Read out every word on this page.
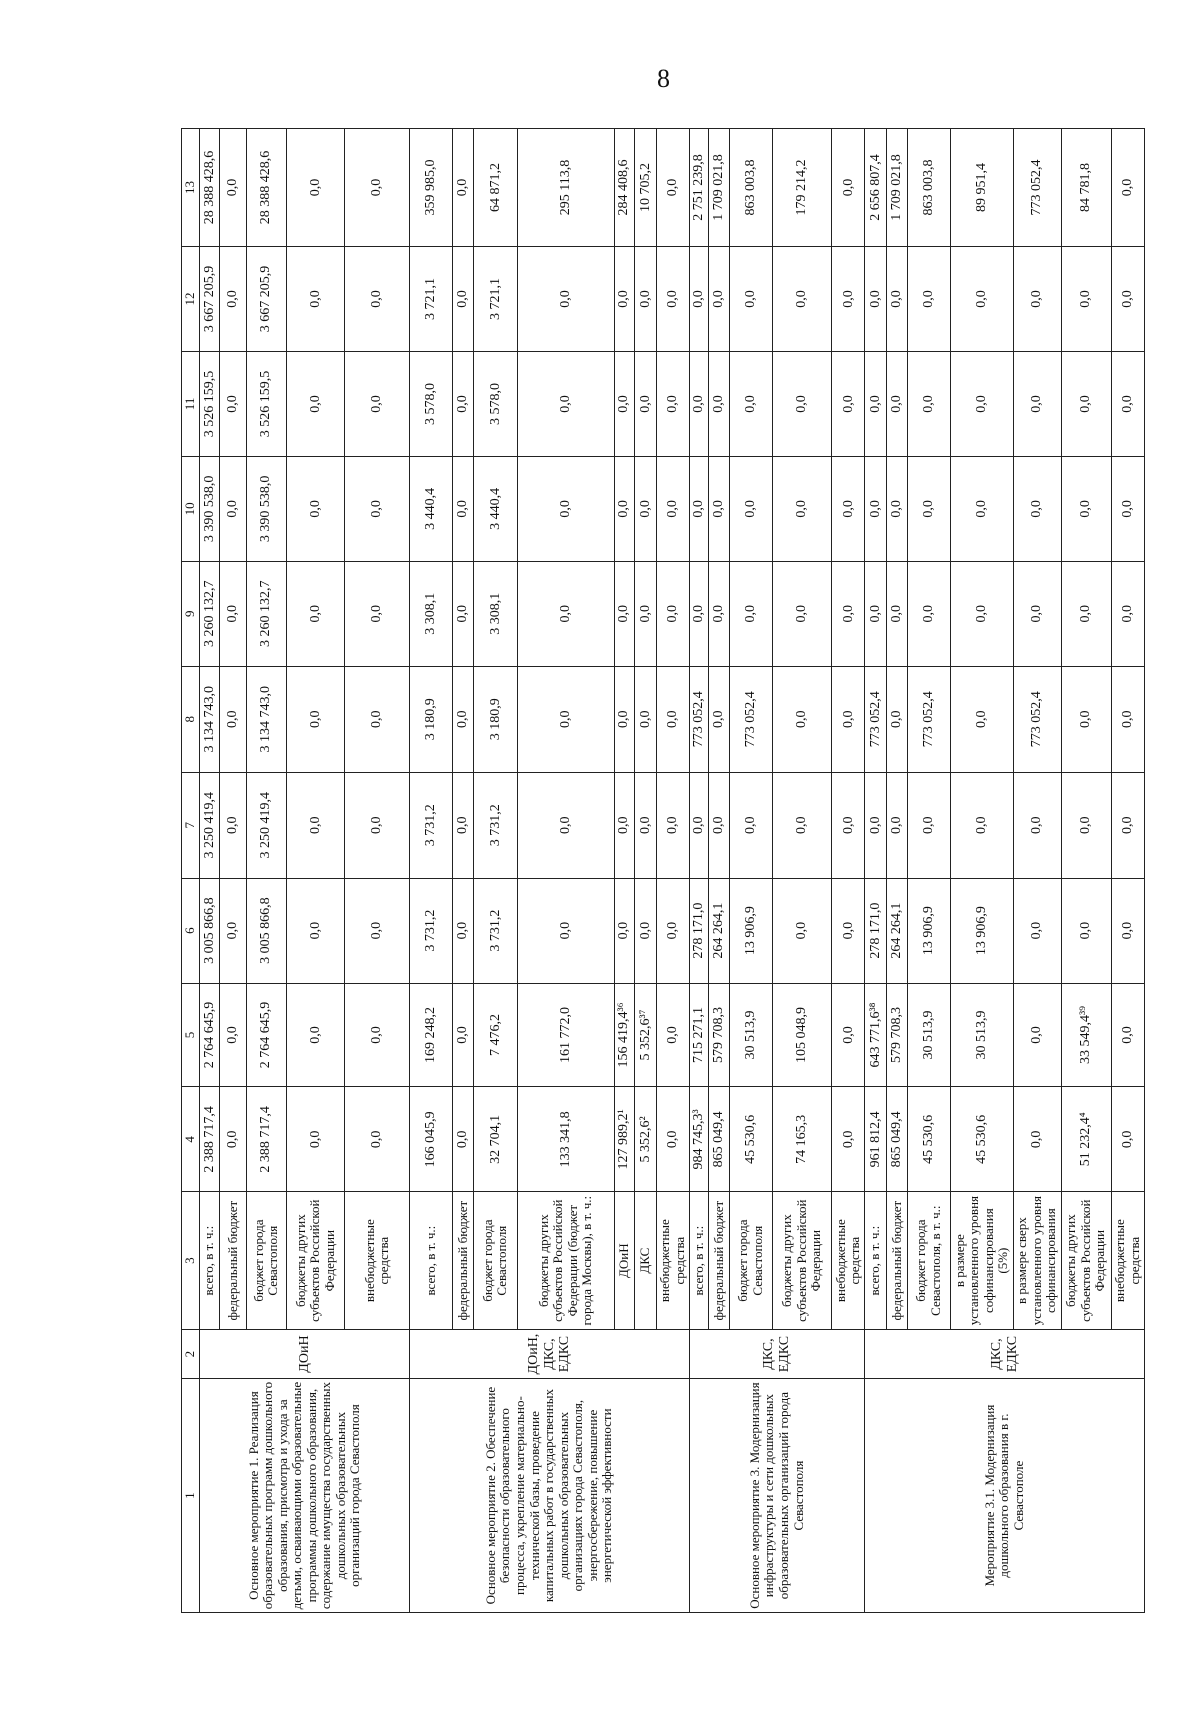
8
1	2	3	4	5	6	7	8	9	10	11	12	13
Основное мероприятие 1. Реализация образовательных программ дошкольного образования, присмотра и ухода за детьми, осваивающими образовательные программы дошкольного образования, содержание имущества государственных дошкольных образовательных организаций города Севастополя	ДОиН	всего, в т. ч.:	2 388 717,4	2 764 645,9	3 005 866,8	3 250 419,4	3 134 743,0	3 260 132,7	3 390 538,0	3 526 159,5	3 667 205,9	28 388 428,6
		федеральный бюджет	0,0	0,0	0,0	0,0	0,0	0,0	0,0	0,0	0,0	0,0
		бюджет города Севастополя	2 388 717,4	2 764 645,9	3 005 866,8	3 250 419,4	3 134 743,0	3 260 132,7	3 390 538,0	3 526 159,5	3 667 205,9	28 388 428,6
		бюджеты других субъектов Российской Федерации	0,0	0,0	0,0	0,0	0,0	0,0	0,0	0,0	0,0	0,0
		внебюджетные средства	0,0	0,0	0,0	0,0	0,0	0,0	0,0	0,0	0,0	0,0
Основное мероприятие 2. Обеспечение безопасности образовательного процесса, укрепление материально-технической базы, проведение капитальных работ в государственных дошкольных образовательных организациях города Севастополя, энергосбережение, повышение энергетической эффективности	ДОиН, ДКС, ЕДКС	всего, в т. ч.:	166 045,9	169 248,2	3 731,2	3 731,2	3 180,9	3 308,1	3 440,4	3 578,0	3 721,1	359 985,0
		федеральный бюджет	0,0	0,0	0,0	0,0	0,0	0,0	0,0	0,0	0,0	0,0
		бюджет города Севастополя	32 704,1	7 476,2	3 731,2	3 731,2	3 180,9	3 308,1	3 440,4	3 578,0	3 721,1	64 871,2
		бюджеты других субъектов Российской Федерации (бюджет города Москвы), в т. ч.:	133 341,8	161 772,0	0,0	0,0	0,0	0,0	0,0	0,0	0,0	295 113,8
		ДОиН	127 989,2¹	156 419,4³⁶	0,0	0,0	0,0	0,0	0,0	0,0	0,0	284 408,6
		ДКС	5 352,6²	5 352,6³⁷	0,0	0,0	0,0	0,0	0,0	0,0	0,0	10 705,2
		внебюджетные средства	0,0	0,0	0,0	0,0	0,0	0,0	0,0	0,0	0,0	0,0
Основное мероприятие 3. Модернизация инфраструктуры и сети дошкольных образовательных организаций города Севастополя	ДКС, ЕДКС	всего, в т. ч.:	984 745,3³	715 271,1	278 171,0	0,0	773 052,4	0,0	0,0	0,0	0,0	2 751 239,8
		федеральный бюджет	865 049,4	579 708,3	264 264,1	0,0	0,0	0,0	0,0	0,0	0,0	1 709 021,8
		бюджет города Севастополя	45 530,6	30 513,9	13 906,9	0,0	773 052,4	0,0	0,0	0,0	0,0	863 003,8
		бюджеты других субъектов Российской Федерации	74 165,3	105 048,9	0,0	0,0	0,0	0,0	0,0	0,0	0,0	179 214,2
		внебюджетные средства	0,0	0,0	0,0	0,0	0,0	0,0	0,0	0,0	0,0	0,0
Мероприятие 3.1. Модернизация дошкольного образования в г. Севастополе	ДКС, ЕДКС	всего, в т. ч.:	961 812,4	643 771,6³⁸	278 171,0	0,0	773 052,4	0,0	0,0	0,0	0,0	2 656 807,4
		федеральный бюджет	865 049,4	579 708,3	264 264,1	0,0	0,0	0,0	0,0	0,0	0,0	1 709 021,8
		бюджет города Севастополя, в т. ч.:	45 530,6	30 513,9	13 906,9	0,0	773 052,4	0,0	0,0	0,0	0,0	863 003,8
		в размере установленного уровня софинансирования (5%)	45 530,6	30 513,9	13 906,9	0,0	0,0	0,0	0,0	0,0	0,0	89 951,4
		в размере сверх установленного уровня софинансирования	0,0	0,0	0,0	0,0	773 052,4	0,0	0,0	0,0	0,0	773 052,4
		бюджеты других субъектов Российской Федерации	51 232,4⁴	33 549,4³⁹	0,0	0,0	0,0	0,0	0,0	0,0	0,0	84 781,8
		внебюджетные средства	0,0	0,0	0,0	0,0	0,0	0,0	0,0	0,0	0,0	0,0
